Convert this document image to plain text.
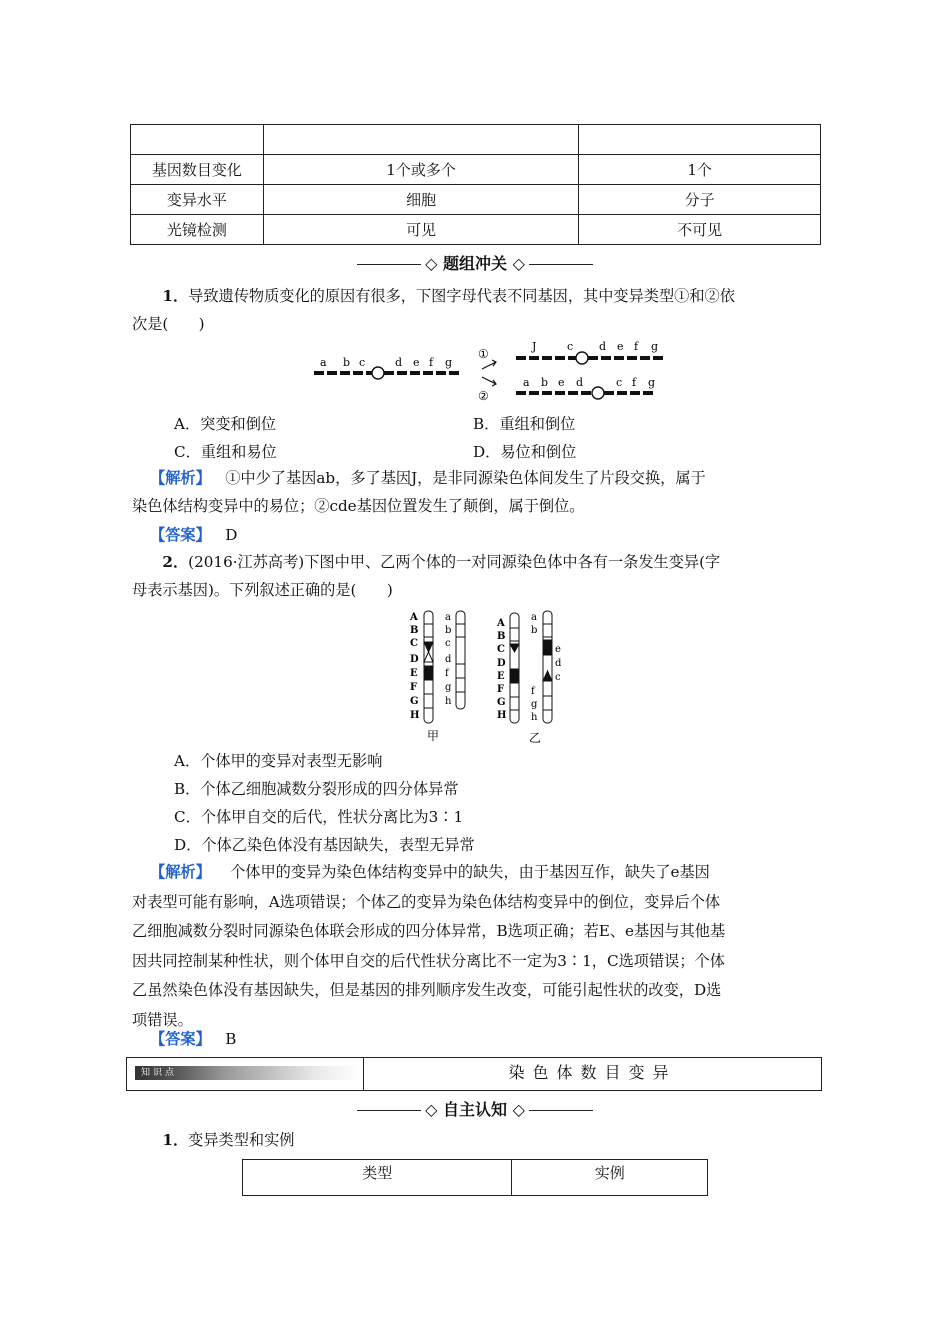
基因数目变化	1个或多个	1个
变异水平	细胞	分子
光镜检测	可见	不可见
◇ 题组冲关 ◇
1．导致遗传物质变化的原因有很多，下图字母代表不同基因，其中变异类型①和②依
次是(　　)
a b c	d e f g
①
②
J	c d e f g
a b e d	c f g
A．突变和倒位	B．重组和倒位
C．重组和易位	D．易位和倒位
【解析】 ①中少了基因ab，多了基因J，是非同源染色体间发生了片段交换，属于
染色体结构变异中的易位；②cde基因位置发生了颠倒，属于倒位。
【答案】 D
2．(2016·江苏高考)下图中甲、乙两个体的一对同源染色体中各有一条发生变异(字
母表示基因)。下列叙述正确的是(　　)
A
B
C
D
E
F
G
H
a
b
c
d
f
g
h
甲
A
B
C
D
E
F
G
H
a
b
e
d
c
f
g
h
乙
A．个体甲的变异对表型无影响
B．个体乙细胞减数分裂形成的四分体异常
C．个体甲自交的后代，性状分离比为3∶1
D．个体乙染色体没有基因缺失，表型无异常
【解析】 个体甲的变异为染色体结构变异中的缺失，由于基因互作，缺失了e基因
对表型可能有影响，A选项错误；个体乙的变异为染色体结构变异中的倒位，变异后个体
乙细胞减数分裂时同源染色体联会形成的四分体异常，B选项正确；若E、e基因与其他基
因共同控制某种性状，则个体甲自交的后代性状分离比不一定为3∶1，C选项错误；个体
乙虽然染色体没有基因缺失，但是基因的排列顺序发生改变，可能引起性状的改变，D选
项错误。
【答案】 B
知识点	染色体数目变异
◇ 自主认知 ◇
1．变异类型和实例
类型	实例
